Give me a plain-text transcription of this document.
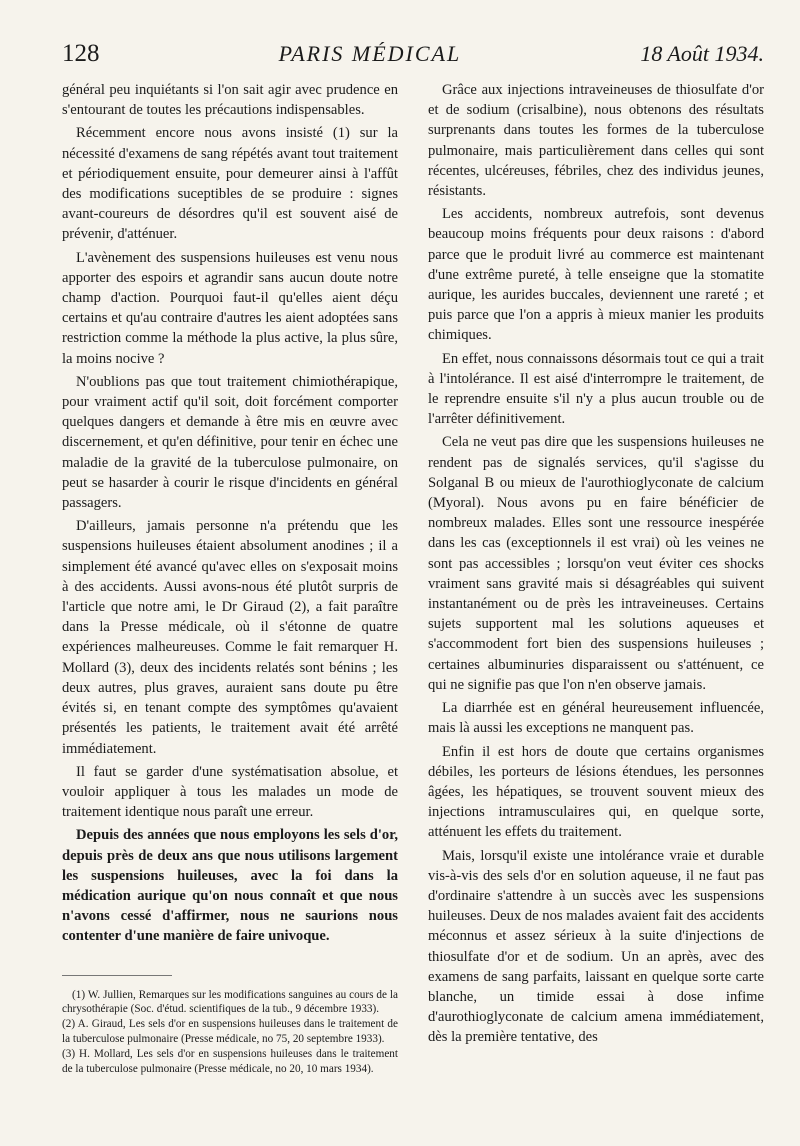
128	PARIS MÉDICAL	18 Août 1934.

général peu inquiétants si l'on sait agir avec prudence en s'entourant de toutes les précautions indispensables.

Récemment encore nous avons insisté (1) sur la nécessité d'examens de sang répétés avant tout traitement et périodiquement ensuite, pour demeurer ainsi à l'affût des modifications suceptibles de se produire : signes avant-coureurs de désordres qu'il est souvent aisé de prévenir, d'atténuer.

L'avènement des suspensions huileuses est venu nous apporter des espoirs et agrandir sans aucun doute notre champ d'action. Pourquoi faut-il qu'elles aient déçu certains et qu'au contraire d'autres les aient adoptées sans restriction comme la méthode la plus active, la plus sûre, la moins nocive ?

N'oublions pas que tout traitement chimiothérapique, pour vraiment actif qu'il soit, doit forcément comporter quelques dangers et demande à être mis en œuvre avec discernement, et qu'en définitive, pour tenir en échec une maladie de la gravité de la tuberculose pulmonaire, on peut se hasarder à courir le risque d'incidents en général passagers.

D'ailleurs, jamais personne n'a prétendu que les suspensions huileuses étaient absolument anodines ; il a simplement été avancé qu'avec elles on s'exposait moins à des accidents. Aussi avons-nous été plutôt surpris de l'article que notre ami, le Dr Giraud (2), a fait paraître dans la Presse médicale, où il s'étonne de quatre expériences malheureuses. Comme le fait remarquer H. Mollard (3), deux des incidents relatés sont bénins ; les deux autres, plus graves, auraient sans doute pu être évités si, en tenant compte des symptômes qu'avaient présentés les patients, le traitement avait été arrêté immédiatement.

Il faut se garder d'une systématisation absolue, et vouloir appliquer à tous les malades un mode de traitement identique nous paraît une erreur.

Depuis des années que nous employons les sels d'or, depuis près de deux ans que nous utilisons largement les suspensions huileuses, avec la foi dans la médication aurique qu'on nous connaît et que nous n'avons cessé d'affirmer, nous ne saurions nous contenter d'une manière de faire univoque.

(1) W. Jullien, Remarques sur les modifications sanguines au cours de la chrysothérapie (Soc. d'étud. scientifiques de la tub., 9 décembre 1933).

(2) A. Giraud, Les sels d'or en suspensions huileuses dans le traitement de la tuberculose pulmonaire (Presse médicale, no 75, 20 septembre 1933).

(3) H. Mollard, Les sels d'or en suspensions huileuses dans le traitement de la tuberculose pulmonaire (Presse médicale, no 20, 10 mars 1934).

Grâce aux injections intraveineuses de thiosulfate d'or et de sodium (crisalbine), nous obtenons des résultats surprenants dans toutes les formes de la tuberculose pulmonaire, mais particulièrement dans celles qui sont récentes, ulcéreuses, fébriles, chez des individus jeunes, résistants.

Les accidents, nombreux autrefois, sont devenus beaucoup moins fréquents pour deux raisons : d'abord parce que le produit livré au commerce est maintenant d'une extrême pureté, à telle enseigne que la stomatite aurique, les aurides buccales, deviennent une rareté ; et puis parce que l'on a appris à mieux manier les produits chimiques.

En effet, nous connaissons désormais tout ce qui a trait à l'intolérance. Il est aisé d'interrompre le traitement, de le reprendre ensuite s'il n'y a plus aucun trouble ou de l'arrêter définitivement.

Cela ne veut pas dire que les suspensions huileuses ne rendent pas de signalés services, qu'il s'agisse du Solganal B ou mieux de l'aurothioglyconate de calcium (Myoral). Nous avons pu en faire bénéficier de nombreux malades. Elles sont une ressource inespérée dans les cas (exceptionnels il est vrai) où les veines ne sont pas accessibles ; lorsqu'on veut éviter ces shocks vraiment sans gravité mais si désagréables qui suivent instantanément ou de près les intraveineuses. Certains sujets supportent mal les solutions aqueuses et s'accommodent fort bien des suspensions huileuses ; certaines albuminuries disparaissent ou s'atténuent, ce qui ne signifie pas que l'on n'en observe jamais.

La diarrhée est en général heureusement influencée, mais là aussi les exceptions ne manquent pas.

Enfin il est hors de doute que certains organismes débiles, les porteurs de lésions étendues, les personnes âgées, les hépatiques, se trouvent souvent mieux des injections intramusculaires qui, en quelque sorte, atténuent les effets du traitement.

Mais, lorsqu'il existe une intolérance vraie et durable vis-à-vis des sels d'or en solution aqueuse, il ne faut pas d'ordinaire s'attendre à un succès avec les suspensions huileuses. Deux de nos malades avaient fait des accidents méconnus et assez sérieux à la suite d'injections de thiosulfate d'or et de sodium. Un an après, avec des examens de sang parfaits, laissant en quelque sorte carte blanche, un timide essai à dose infime d'aurothioglyconate de calcium amena immédiatement, dès la première tentative, des
